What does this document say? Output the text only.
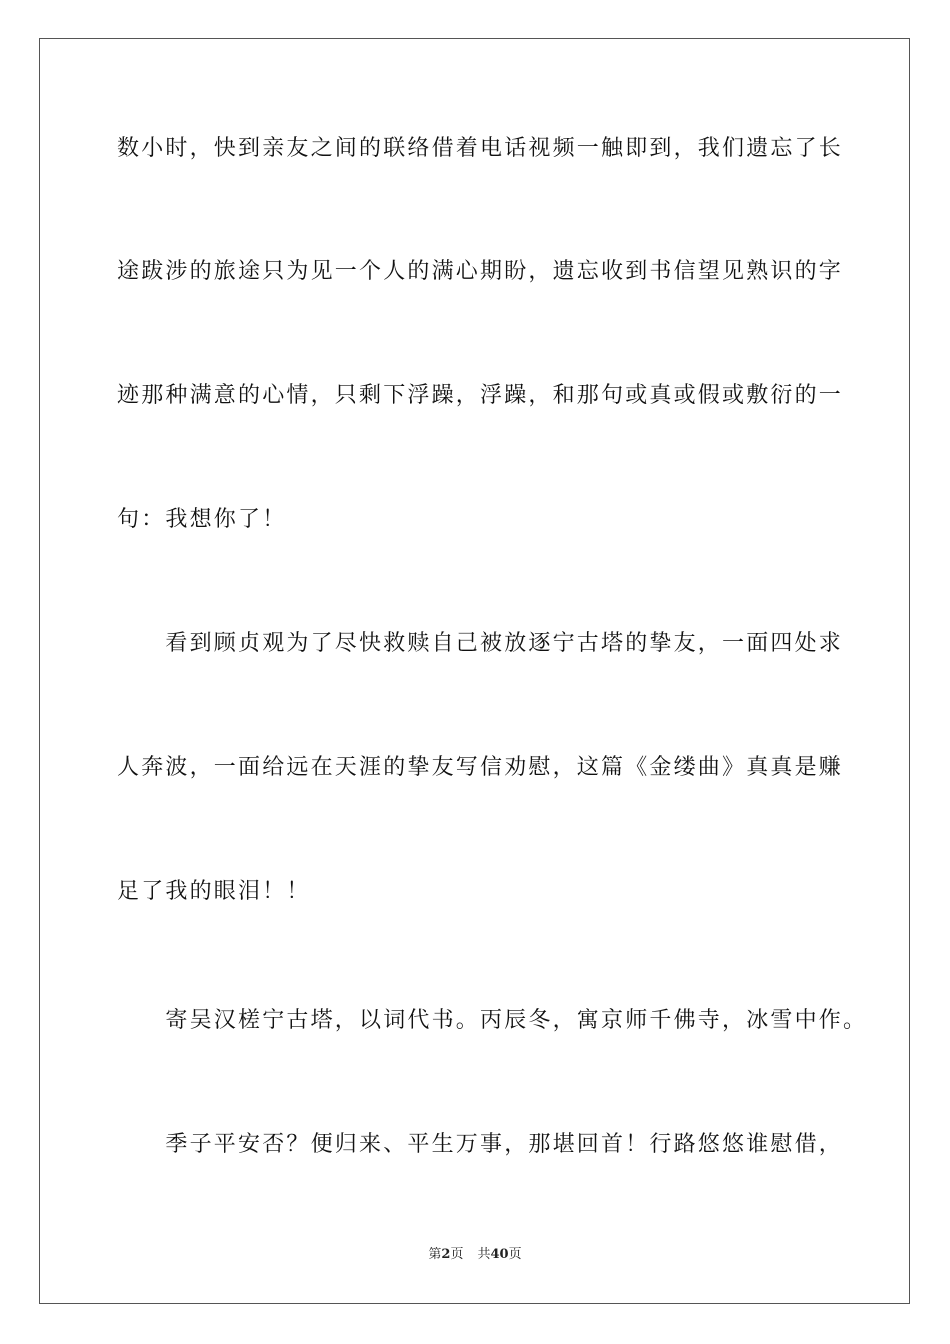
数小时，快到亲友之间的联络借着电话视频一触即到，我们遗忘了长
途跋涉的旅途只为见一个人的满心期盼，遗忘收到书信望见熟识的字
迹那种满意的心情，只剩下浮躁，浮躁，和那句或真或假或敷衍的一
句：我想你了！
　　看到顾贞观为了尽快救赎自己被放逐宁古塔的挚友，一面四处求
人奔波，一面给远在天涯的挚友写信劝慰，这篇《金缕曲》真真是赚
足了我的眼泪！！
　　寄吴汉槎宁古塔，以词代书。丙辰冬，寓京师千佛寺，冰雪中作。
　　季子平安否？便归来、平生万事，那堪回首！行路悠悠谁慰借，
第2页 共40页
